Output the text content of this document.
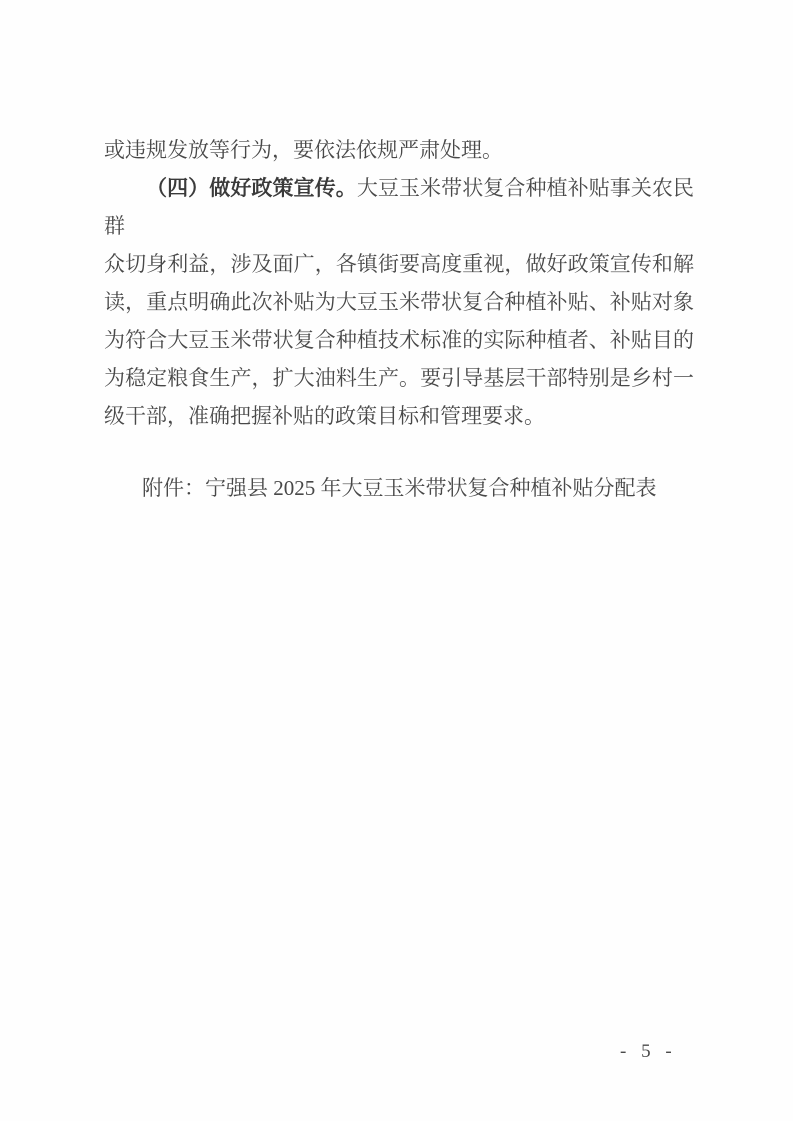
或违规发放等行为，要依法依规严肃处理。
（四）做好政策宣传。大豆玉米带状复合种植补贴事关农民群
众切身利益，涉及面广，各镇街要高度重视，做好政策宣传和解
读，重点明确此次补贴为大豆玉米带状复合种植补贴、补贴对象
为符合大豆玉米带状复合种植技术标准的实际种植者、补贴目的
为稳定粮食生产，扩大油料生产。要引导基层干部特别是乡村一
级干部，准确把握补贴的政策目标和管理要求。
附件：宁强县 2025 年大豆玉米带状复合种植补贴分配表
- 5 -
